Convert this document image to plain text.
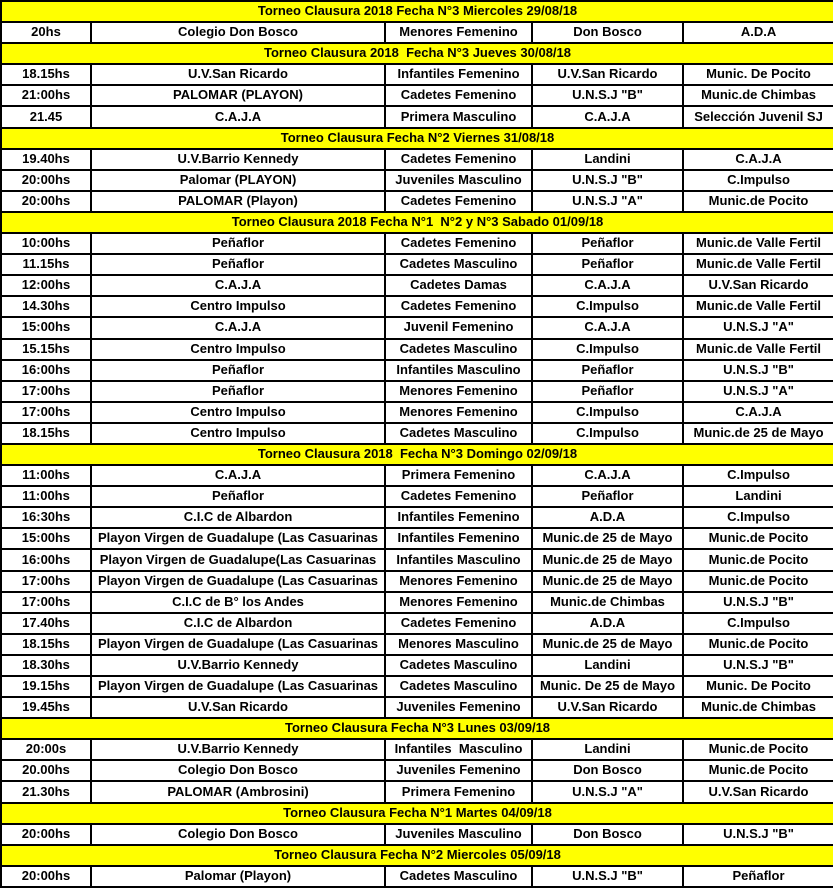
Torneo Clausura 2018 Fecha N°3 Miercoles 29/08/18				
20hs	Colegio Don Bosco	Menores Femenino	Don Bosco	A.D.A
Torneo Clausura 2018  Fecha N°3 Jueves 30/08/18				
18.15hs	U.V.San Ricardo	Infantiles Femenino	U.V.San Ricardo	Munic. De Pocito
21:00hs	PALOMAR (PLAYON)	Cadetes Femenino	U.N.S.J "B"	Munic.de Chimbas
21.45	C.A.J.A	Primera Masculino	C.A.J.A	Selección Juvenil SJ
Torneo Clausura Fecha N°2 Viernes 31/08/18				
19.40hs	U.V.Barrio Kennedy	Cadetes Femenino	Landini	C.A.J.A
20:00hs	Palomar (PLAYON)	Juveniles Masculino	U.N.S.J "B"	C.Impulso
20:00hs	PALOMAR (Playon)	Cadetes Femenino	U.N.S.J "A"	Munic.de Pocito
Torneo Clausura 2018 Fecha N°1  N°2 y N°3 Sabado 01/09/18				
10:00hs	Peñaflor	Cadetes Femenino	Peñaflor	Munic.de Valle Fertil
11.15hs	Peñaflor	Cadetes Masculino	Peñaflor	Munic.de Valle Fertil
12:00hs	C.A.J.A	Cadetes Damas	C.A.J.A	U.V.San Ricardo
14.30hs	Centro Impulso	Cadetes Femenino	C.Impulso	Munic.de Valle Fertil
15:00hs	C.A.J.A	Juvenil Femenino	C.A.J.A	U.N.S.J "A"
15.15hs	Centro Impulso	Cadetes Masculino	C.Impulso	Munic.de Valle Fertil
16:00hs	Peñaflor	Infantiles Masculino	Peñaflor	U.N.S.J "B"
17:00hs	Peñaflor	Menores Femenino	Peñaflor	U.N.S.J "A"
17:00hs	Centro Impulso	Menores Femenino	C.Impulso	C.A.J.A
18.15hs	Centro Impulso	Cadetes Masculino	C.Impulso	Munic.de 25 de Mayo
Torneo Clausura 2018  Fecha N°3 Domingo 02/09/18				
11:00hs	C.A.J.A	Primera Femenino	C.A.J.A	C.Impulso
11:00hs	Peñaflor	Cadetes Femenino	Peñaflor	Landini
16:30hs	C.I.C de Albardon	Infantiles Femenino	A.D.A	C.Impulso
15:00hs	Playon Virgen de Guadalupe (Las Casuarinas	Infantiles Femenino	Munic.de 25 de Mayo	Munic.de Pocito
16:00hs	Playon Virgen de Guadalupe(Las Casuarinas	Infantiles Masculino	Munic.de 25 de Mayo	Munic.de Pocito
17:00hs	Playon Virgen de Guadalupe (Las Casuarinas	Menores Femenino	Munic.de 25 de Mayo	Munic.de Pocito
17:00hs	C.I.C de B° los Andes	Menores Femenino	Munic.de Chimbas	U.N.S.J "B"
17.40hs	C.I.C de Albardon	Cadetes Femenino	A.D.A	C.Impulso
18.15hs	Playon Virgen de Guadalupe (Las Casuarinas	Menores Masculino	Munic.de 25 de Mayo	Munic.de Pocito
18.30hs	U.V.Barrio Kennedy	Cadetes Masculino	Landini	U.N.S.J "B"
19.15hs	Playon Virgen de Guadalupe (Las Casuarinas	Cadetes Masculino	Munic. De 25 de Mayo	Munic. De Pocito
19.45hs	U.V.San Ricardo	Juveniles Femenino	U.V.San Ricardo	Munic.de Chimbas
Torneo Clausura Fecha N°3 Lunes 03/09/18				
20:00s	U.V.Barrio Kennedy	Infantiles  Masculino	Landini	Munic.de Pocito
20.00hs	Colegio Don Bosco	Juveniles Femenino	Don Bosco	Munic.de Pocito
21.30hs	PALOMAR (Ambrosini)	Primera Femenino	U.N.S.J "A"	U.V.San Ricardo
Torneo Clausura Fecha N°1 Martes 04/09/18				
20:00hs	Colegio Don Bosco	Juveniles Masculino	Don Bosco	U.N.S.J "B"
Torneo Clausura Fecha N°2 Miercoles 05/09/18				
20:00hs	Palomar (Playon)	Cadetes Masculino	U.N.S.J "B"	Peñaflor
